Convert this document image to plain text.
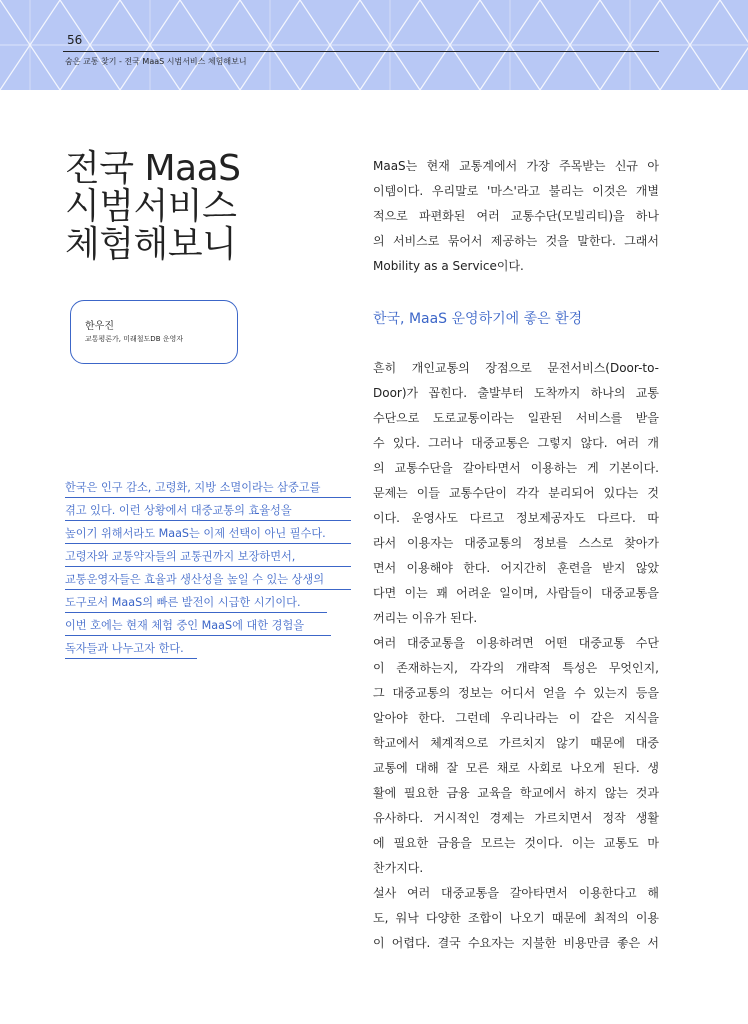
56
숨은 교통 찾기 - 전국 MaaS 시범서비스 체험해보니
전국 MaaS
시범서비스
체험해보니
한우진
교통평론가, 미래철도DB 운영자
한국은 인구 감소, 고령화, 지방 소멸이라는 삼중고를
겪고 있다. 이런 상황에서 대중교통의 효율성을
높이기 위해서라도 MaaS는 이제 선택이 아닌 필수다.
고령자와 교통약자들의 교통권까지 보장하면서,
교통운영자들은 효율과 생산성을 높일 수 있는 상생의
도구로서 MaaS의 빠른 발전이 시급한 시기이다.
이번 호에는 현재 체험 중인 MaaS에 대한 경험을
독자들과 나누고자 한다.
MaaS는 현재 교통계에서 가장 주목받는 신규 아
이템이다. 우리말로 '마스'라고 불리는 이것은 개별
적으로 파편화된 여러 교통수단(모빌리티)을 하나
의 서비스로 묶어서 제공하는 것을 말한다. 그래서
Mobility as a Service이다.
한국, MaaS 운영하기에 좋은 환경
흔히 개인교통의 장점으로 문전서비스(Door-to-
Door)가 꼽힌다. 출발부터 도착까지 하나의 교통
수단으로 도로교통이라는 일관된 서비스를 받을
수 있다. 그러나 대중교통은 그렇지 않다. 여러 개
의 교통수단을 갈아타면서 이용하는 게 기본이다.
문제는 이들 교통수단이 각각 분리되어 있다는 것
이다. 운영사도 다르고 정보제공자도 다르다. 따
라서 이용자는 대중교통의 정보를 스스로 찾아가
면서 이용해야 한다. 어지간히 훈련을 받지 않았
다면 이는 꽤 어려운 일이며, 사람들이 대중교통을
꺼리는 이유가 된다.
여러 대중교통을 이용하려면 어떤 대중교통 수단
이 존재하는지, 각각의 개략적 특성은 무엇인지,
그 대중교통의 정보는 어디서 얻을 수 있는지 등을
알아야 한다. 그런데 우리나라는 이 같은 지식을
학교에서 체계적으로 가르치지 않기 때문에 대중
교통에 대해 잘 모른 채로 사회로 나오게 된다. 생
활에 필요한 금융 교육을 학교에서 하지 않는 것과
유사하다. 거시적인 경제는 가르치면서 정작 생활
에 필요한 금융을 모르는 것이다. 이는 교통도 마
찬가지다.
설사 여러 대중교통을 갈아타면서 이용한다고 해
도, 워낙 다양한 조합이 나오기 때문에 최적의 이용
이 어렵다. 결국 수요자는 지불한 비용만큼 좋은 서
